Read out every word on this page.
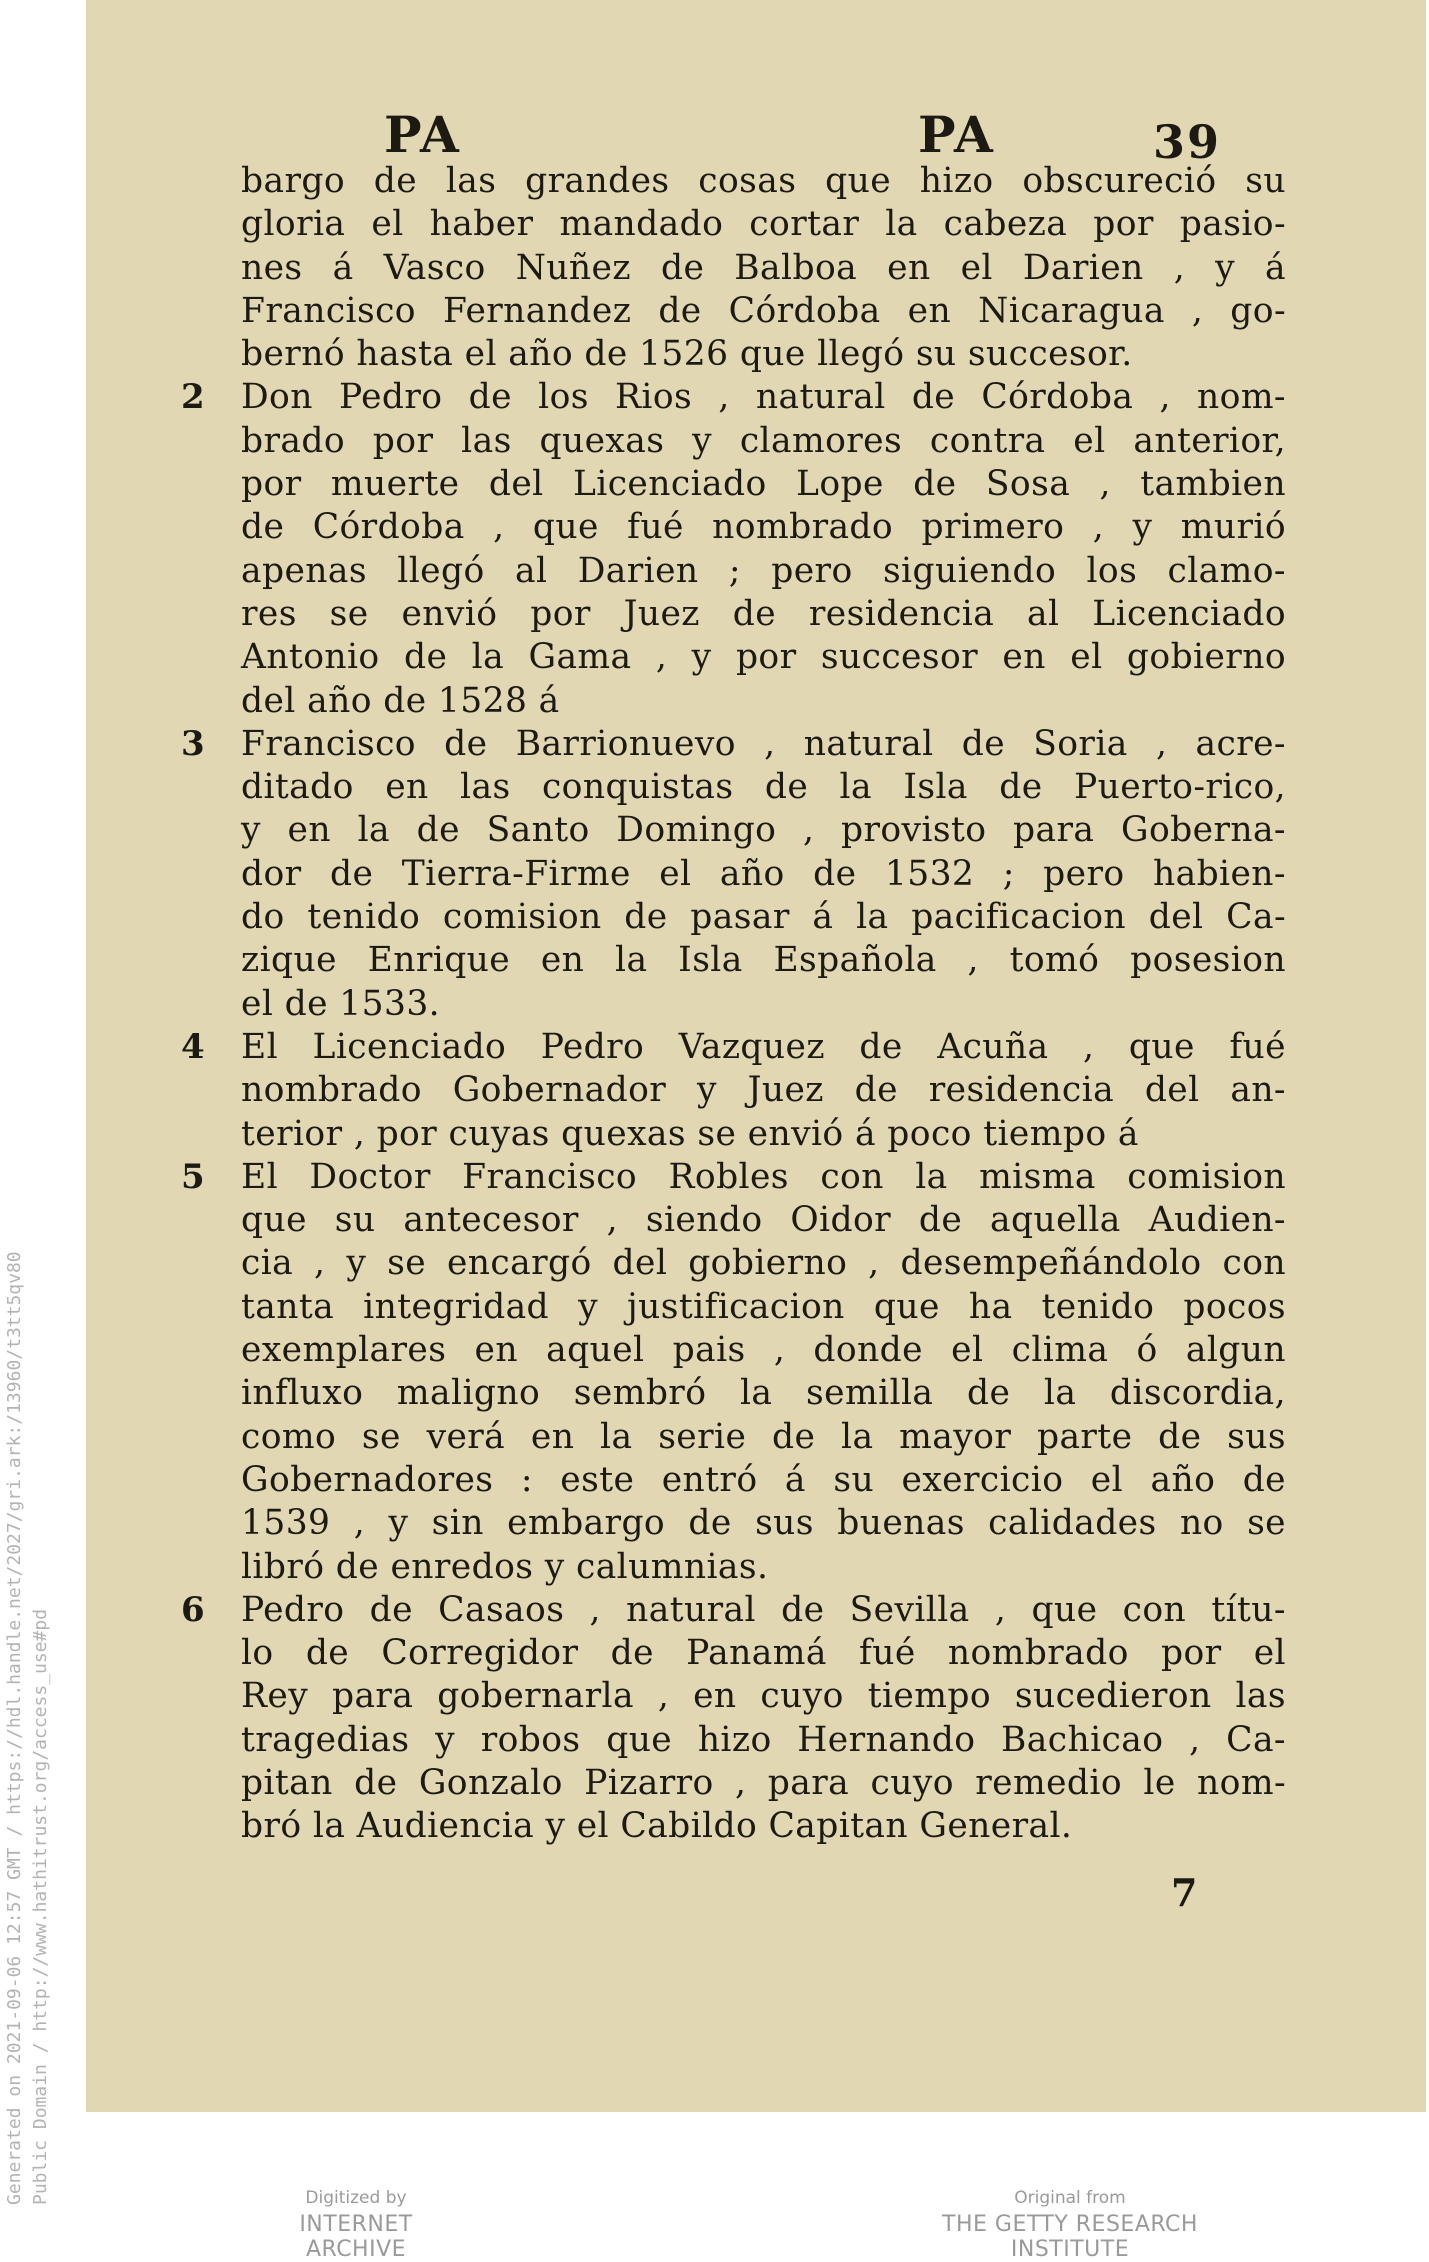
Generated on 2021-09-06 12:57 GMT / https://hdl.handle.net/2027/gri.ark:/13960/t3tt5qv80 Public Domain / http://www.hathitrust.org/access_use#pd
PA	PA	39
bargo de las grandes cosas que hizo obscureció su
gloria el haber mandado cortar la cabeza por pasio-
nes á Vasco Nuñez de Balboa en el Darien , y á
Francisco Fernandez de Córdoba en Nicaragua , go-
bernó hasta el año de 1526 que llegó su succesor.
2	Don Pedro de los Rios , natural de Córdoba , nom-
brado por las quexas y clamores contra el anterior,
por muerte del Licenciado Lope de Sosa , tambien
de Córdoba , que fué nombrado primero , y murió
apenas llegó al Darien ; pero siguiendo los clamo-
res se envió por Juez de residencia al Licenciado
Antonio de la Gama , y por succesor en el gobierno
del año de 1528 á
3	Francisco de Barrionuevo , natural de Soria , acre-
ditado en las conquistas de la Isla de Puerto-rico,
y en la de Santo Domingo , provisto para Goberna-
dor de Tierra-Firme el año de 1532 ; pero habien-
do tenido comision de pasar á la pacificacion del Ca-
zique Enrique en la Isla Española , tomó posesion
el de 1533.
4	El Licenciado Pedro Vazquez de Acuña , que fué
nombrado Gobernador y Juez de residencia del an-
terior , por cuyas quexas se envió á poco tiempo á
5	El Doctor Francisco Robles con la misma comision
que su antecesor , siendo Oidor de aquella Audien-
cia , y se encargó del gobierno , desempeñándolo con
tanta integridad y justificacion que ha tenido pocos
exemplares en aquel pais , donde el clima ó algun
influxo maligno sembró la semilla de la discordia,
como se verá en la serie de la mayor parte de sus
Gobernadores : este entró á su exercicio el año de
1539 , y sin embargo de sus buenas calidades no se
libró de enredos y calumnias.
6	Pedro de Casaos , natural de Sevilla , que con títu-
lo de Corregidor de Panamá fué nombrado por el
Rey para gobernarla , en cuyo tiempo sucedieron las
tragedias y robos que hizo Hernando Bachicao , Ca-
pitan de Gonzalo Pizarro , para cuyo remedio le nom-
bró la Audiencia y el Cabildo Capitan General.
7
Digitized by
INTERNET ARCHIVE
Original from
THE GETTY RESEARCH INSTITUTE
